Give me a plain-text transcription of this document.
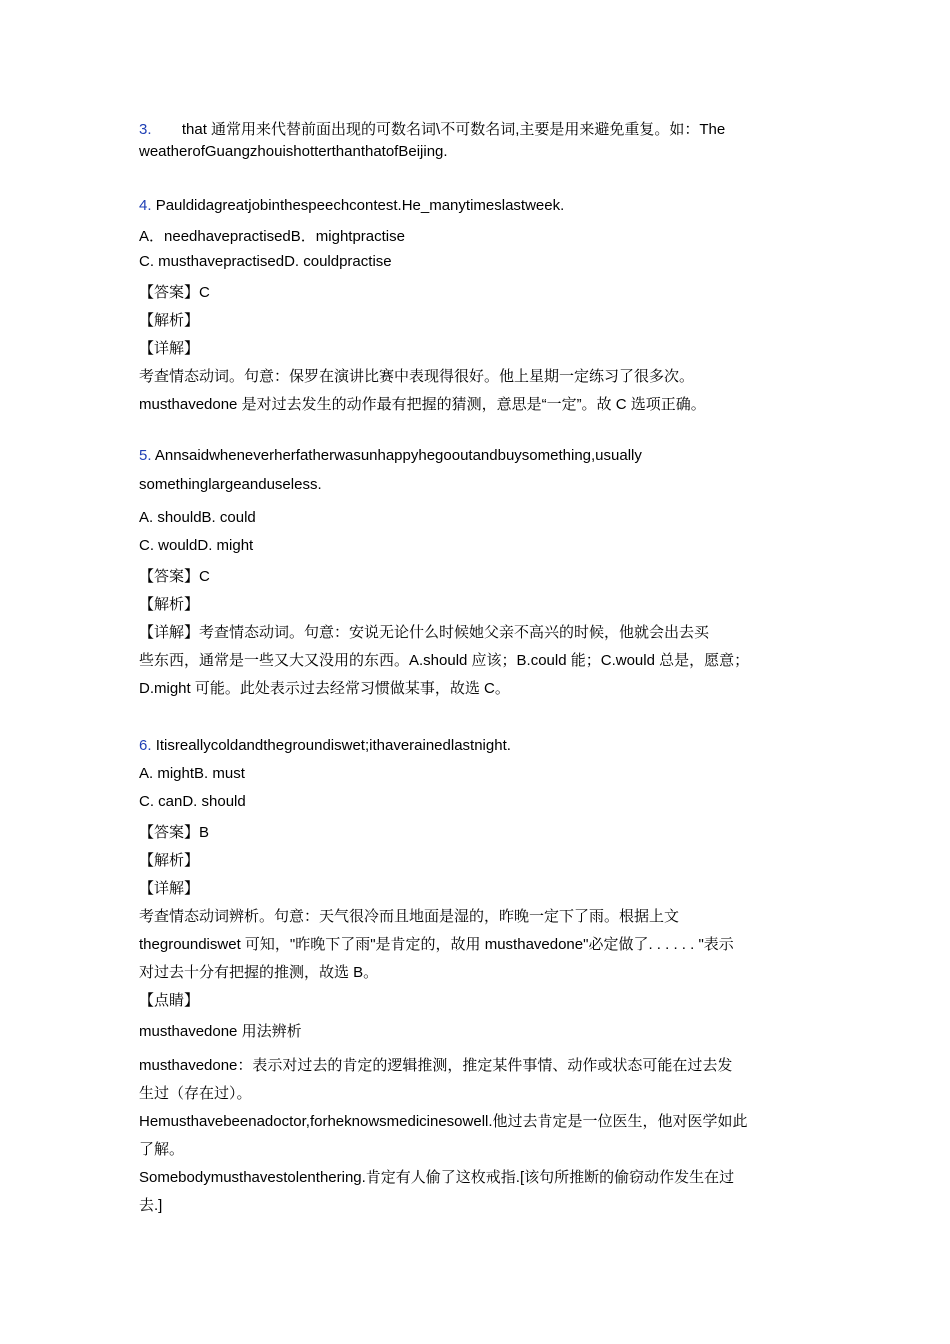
3. that 通常用来代替前面出现的可数名词\不可数名词,主要是用来避免重复。如：The
weatherofGuangzhouishotterthanthatofBeijing.
4. Pauldidagreatjobinthespeechcontest.He_manytimeslastweek.
A．needhavepractisedB．mightpractise
C. musthavepractisedD. couldpractise
【答案】C
【解析】
【详解】
考查情态动词。句意：保罗在演讲比赛中表现得很好。他上星期一定练习了很多次。
musthavedone 是对过去发生的动作最有把握的猜测，意思是“一定”。故 C 选项正确。
5. Annsaidwheneverherfatherwasunhappyhegooutandbuysomething,usually
somethinglargeanduseless.
A. shouldB. could
C. wouldD. might
【答案】C
【解析】
【详解】考查情态动词。句意：安说无论什么时候她父亲不高兴的时候，他就会出去买
些东西，通常是一些又大又没用的东西。A.should 应该；B.could 能；C.would 总是，愿意；
D.might 可能。此处表示过去经常习惯做某事，故选 C。
6. Itisreallycoldandthegroundiswet;ithaverainedlastnight.
A. mightB. must
C. canD. should
【答案】B
【解析】
【详解】
考查情态动词辨析。句意：天气很冷而且地面是湿的，昨晚一定下了雨。根据上文
thegroundiswet 可知，"昨晚下了雨"是肯定的，故用 musthavedone"必定做了. . . . . . "表示
对过去十分有把握的推测，故选 B。
【点睛】
musthavedone 用法辨析
musthavedone：表示对过去的肯定的逻辑推测，推定某件事情、动作或状态可能在过去发
生过（存在过）。
Hemusthavebeenadoctor,forheknowsmedicinesowell.他过去肯定是一位医生，他对医学如此
了解。
Somebodymusthavestolenthering.肯定有人偷了这枚戒指.[该句所推断的偷窃动作发生在过
去.]
